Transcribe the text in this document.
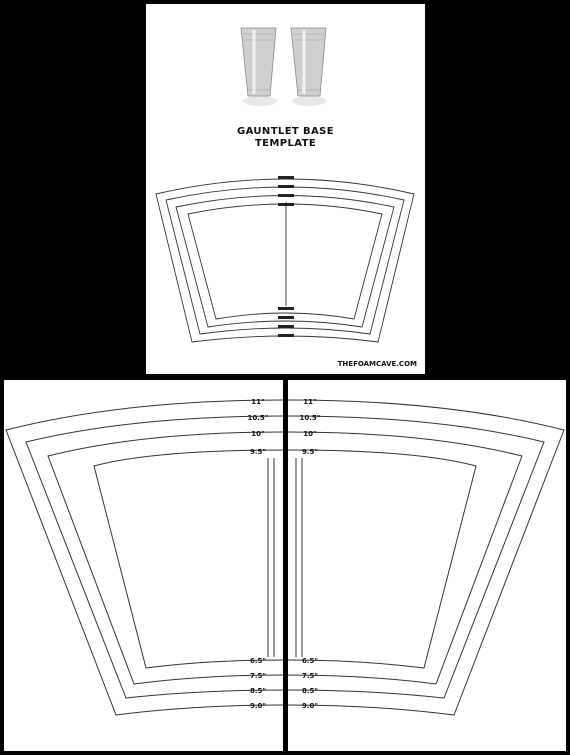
GAUNTLET BASE
TEMPLATE
THEFOAMCAVE.COM
11"
10.5"
10"
9.5"
6.5"
7.5"
8.5"
9.0"
11"
10.5"
10"
9.5"
6.5"
7.5"
8.5"
9.0"
